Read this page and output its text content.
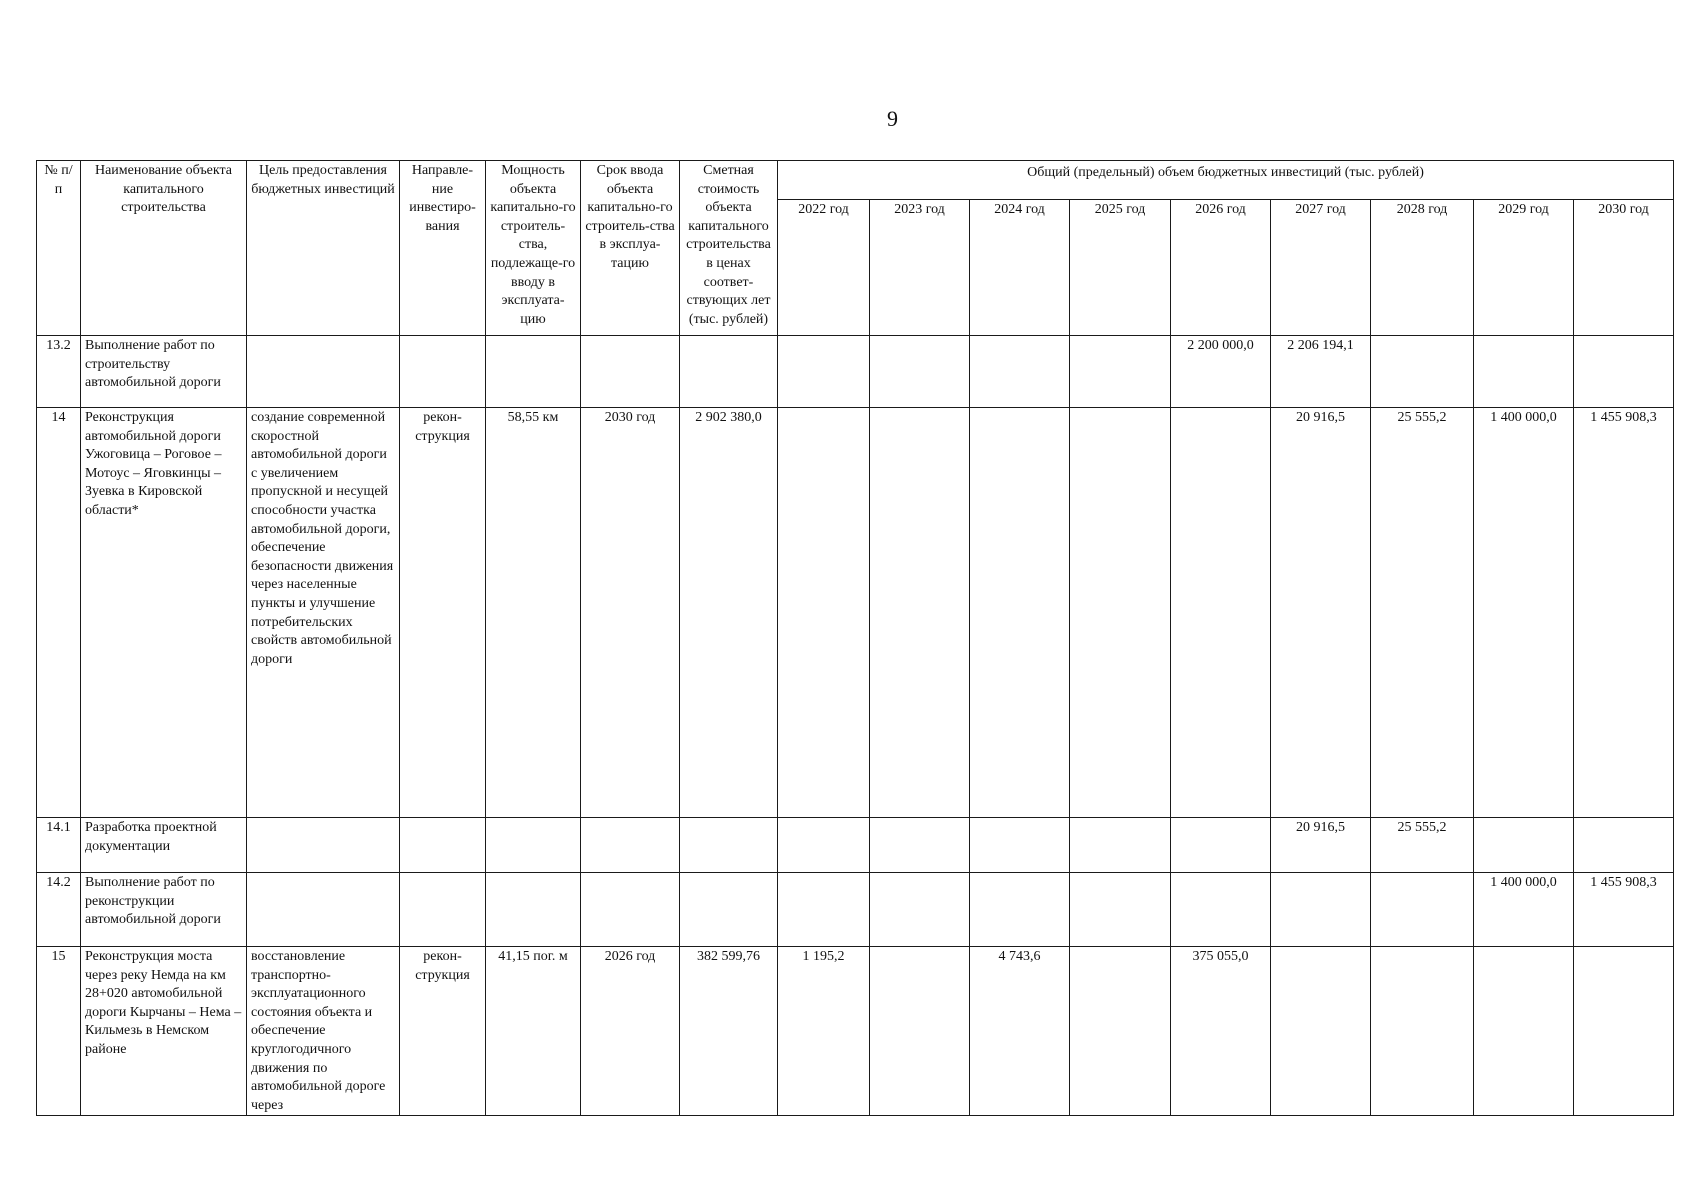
9
№ п/п	Наименование объекта капитального строительства	Цель предоставления бюджетных инвестиций	Направле-ние инвестиро-вания	Мощность объекта капитально-го строитель-ства, подлежаще-го вводу в эксплуата-цию	Срок ввода объекта капитально-го строитель-ства в эксплуа-тацию	Сметная стоимость объекта капитального строительства в ценах соответ-ствующих лет (тыс. рублей)	Общий (предельный) объем бюджетных инвестиций (тыс. рублей)								
							2022 год	2023 год	2024 год	2025 год	2026 год	2027 год	2028 год	2029 год	2030 год
13.2	Выполнение работ по строительству автомобильной дороги										2 200 000,0	2 206 194,1			
14	Реконструкция автомобильной дороги Ужоговица – Роговое – Мотоус – Яговкинцы – Зуевка в Кировской области*	создание современной скоростной автомобильной дороги с увеличением пропускной и несущей способности участка автомобильной дороги, обеспечение безопасности движения через населенные пункты и улучшение потребительских свойств автомобильной дороги	рекон-струкция	58,55 км	2030 год	2 902 380,0						20 916,5	25 555,2	1 400 000,0	1 455 908,3
14.1	Разработка проектной документации											20 916,5	25 555,2		
14.2	Выполнение работ по реконструкции автомобильной дороги													1 400 000,0	1 455 908,3
15	Реконструкция моста через реку Немда на км 28+020 автомобильной дороги Кырчаны – Нема – Кильмезь в Немском районе	восстановление транспортно-эксплуатационного состояния объекта и обеспечение круглогодичного движения по автомобильной дороге через	рекон-струкция	41,15 пог. м	2026 год	382 599,76	1 195,2		4 743,6		375 055,0				
